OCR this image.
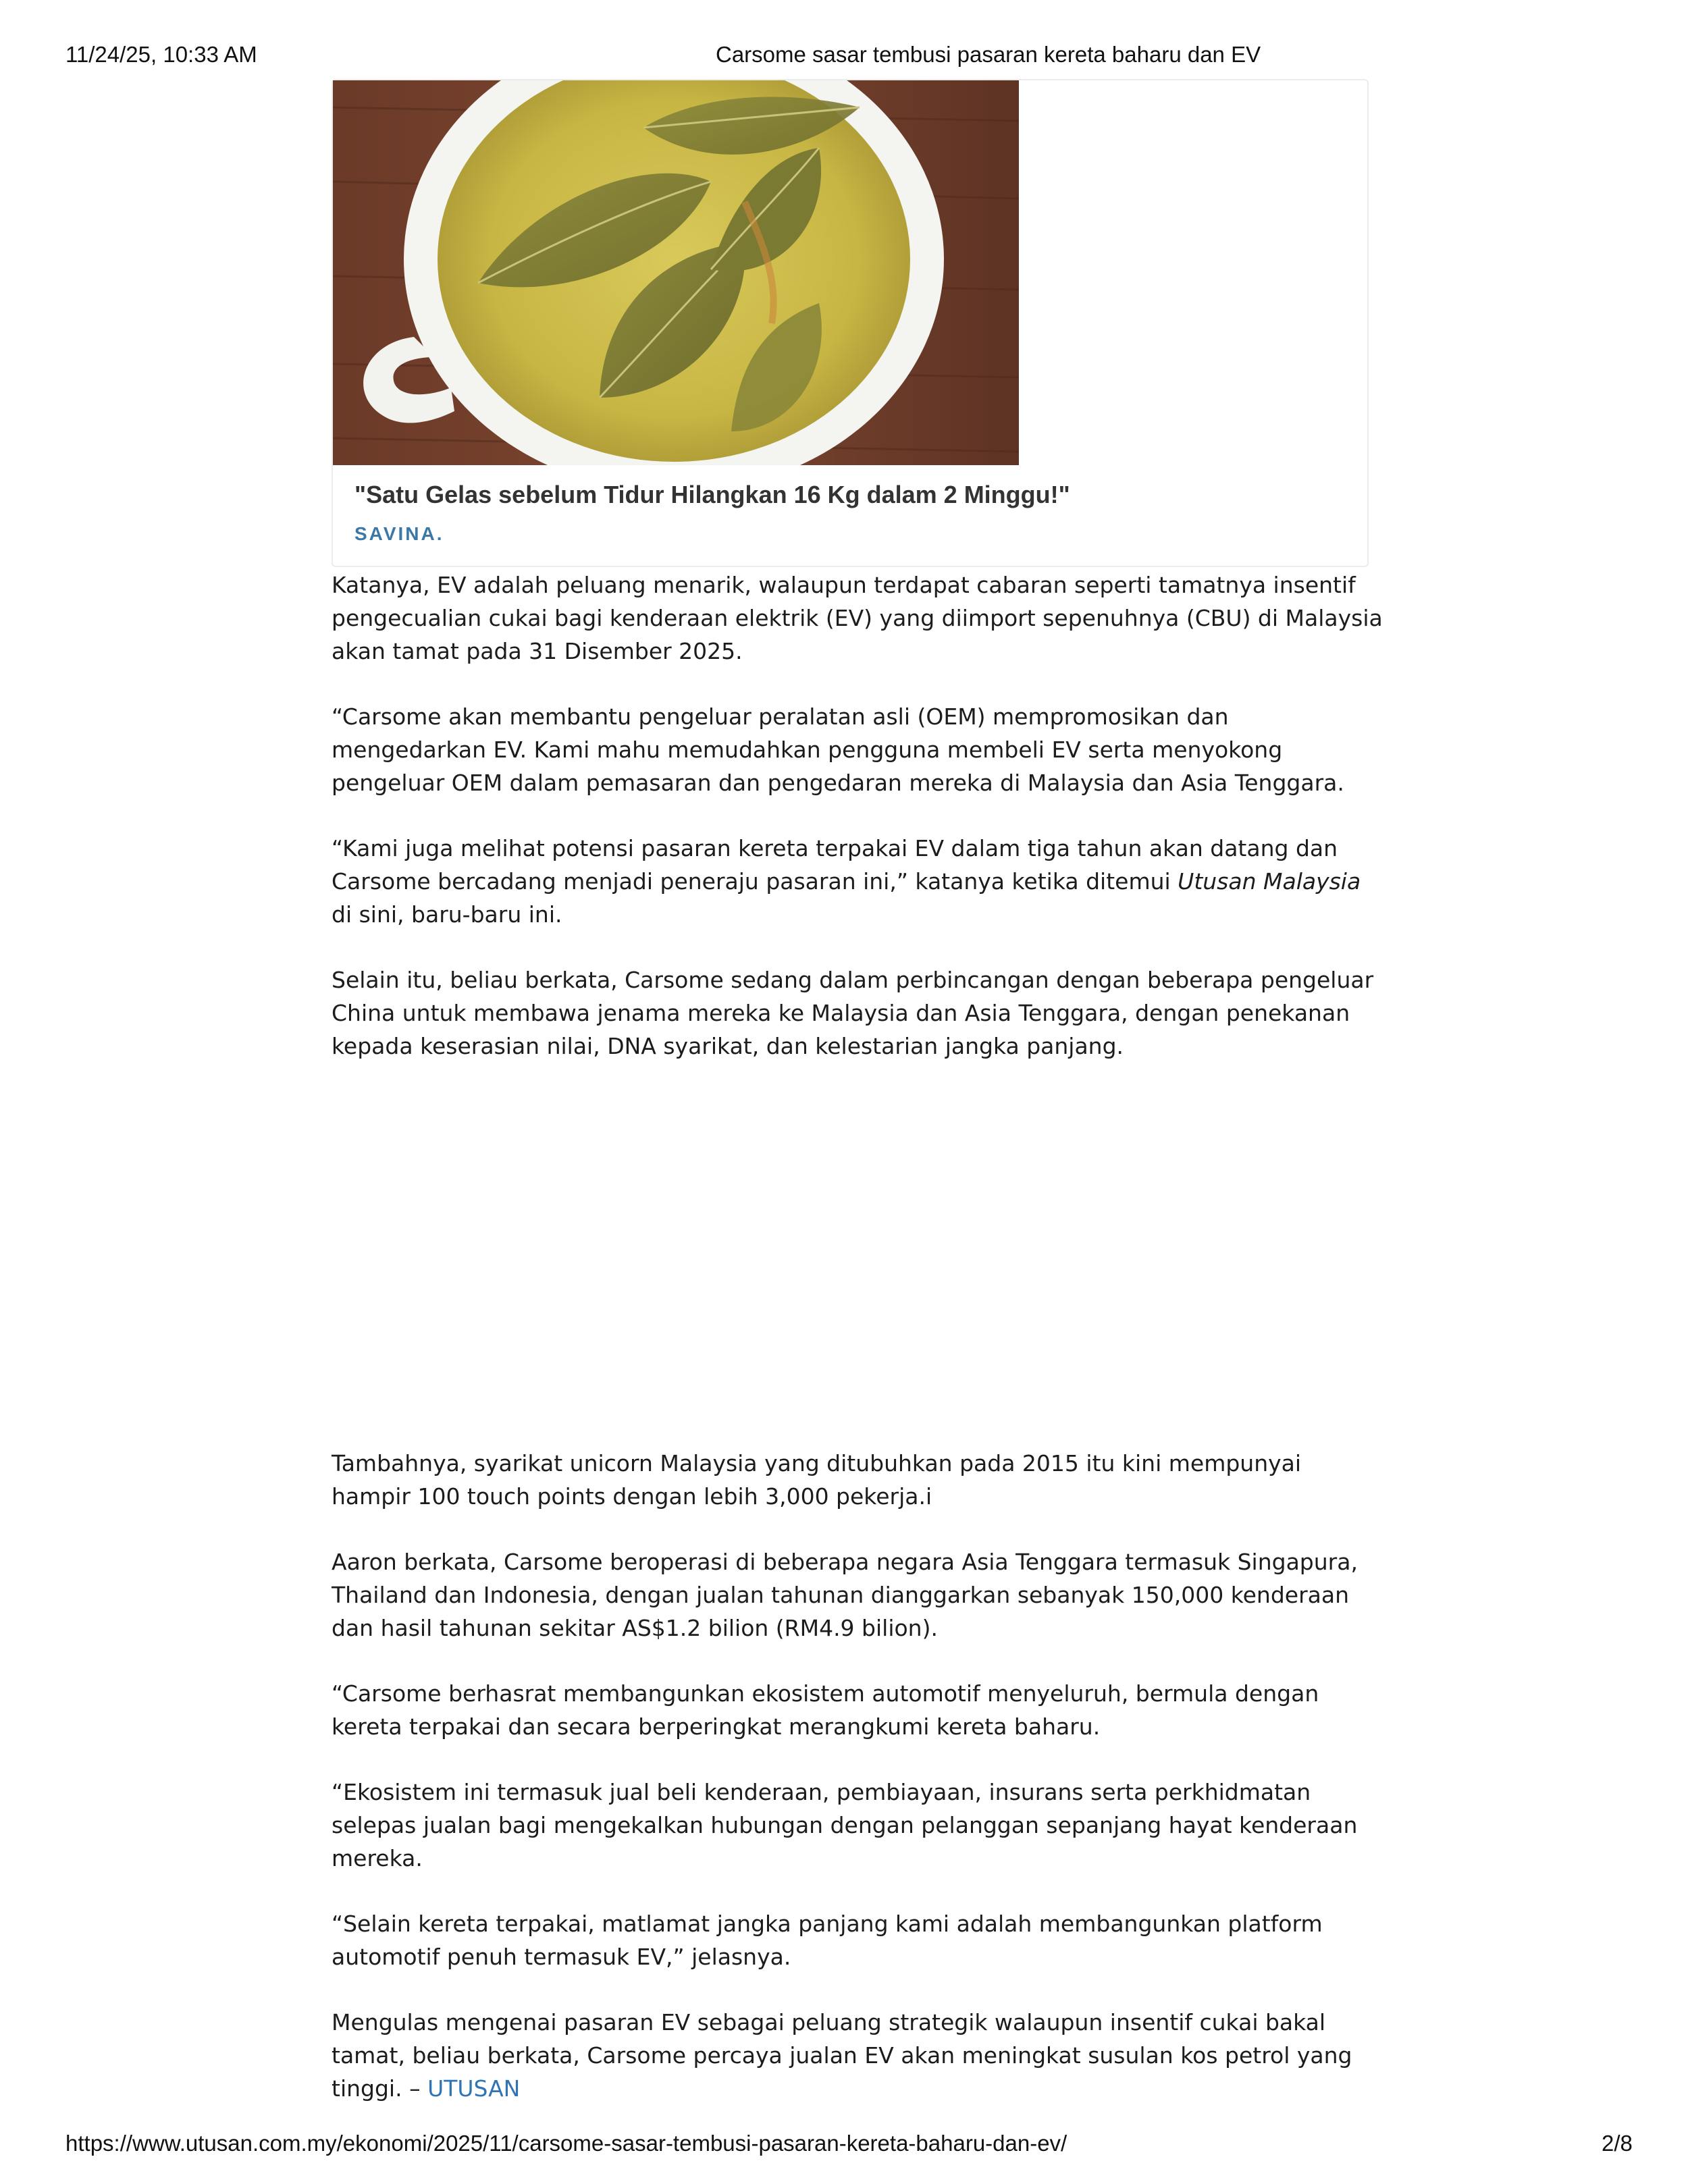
11/24/25, 10:33 AM	Carsome sasar tembusi pasaran kereta baharu dan EV
"Satu Gelas sebelum Tidur Hilangkan 16 Kg dalam 2 Minggu!"
SAVINA.

Katanya, EV adalah peluang menarik, walaupun terdapat cabaran seperti tamatnya insentif pengecualian cukai bagi kenderaan elektrik (EV) yang diimport sepenuhnya (CBU) di Malaysia akan tamat pada 31 Disember 2025.

“Carsome akan membantu pengeluar peralatan asli (OEM) mempromosikan dan mengedarkan EV. Kami mahu memudahkan pengguna membeli EV serta menyokong pengeluar OEM dalam pemasaran dan pengedaran mereka di Malaysia dan Asia Tenggara.

“Kami juga melihat potensi pasaran kereta terpakai EV dalam tiga tahun akan datang dan Carsome bercadang menjadi peneraju pasaran ini,” katanya ketika ditemui Utusan Malaysia di sini, baru-baru ini.

Selain itu, beliau berkata, Carsome sedang dalam perbincangan dengan beberapa pengeluar China untuk membawa jenama mereka ke Malaysia dan Asia Tenggara, dengan penekanan kepada keserasian nilai, DNA syarikat, dan kelestarian jangka panjang.

Tambahnya, syarikat unicorn Malaysia yang ditubuhkan pada 2015 itu kini mempunyai hampir 100 touch points dengan lebih 3,000 pekerja.i

Aaron berkata, Carsome beroperasi di beberapa negara Asia Tenggara termasuk Singapura, Thailand dan Indonesia, dengan jualan tahunan dianggarkan sebanyak 150,000 kenderaan dan hasil tahunan sekitar AS$1.2 bilion (RM4.9 bilion).

“Carsome berhasrat membangunkan ekosistem automotif menyeluruh, bermula dengan kereta terpakai dan secara berperingkat merangkumi kereta baharu.

“Ekosistem ini termasuk jual beli kenderaan, pembiayaan, insurans serta perkhidmatan selepas jualan bagi mengekalkan hubungan dengan pelanggan sepanjang hayat kenderaan mereka.

“Selain kereta terpakai, matlamat jangka panjang kami adalah membangunkan platform automotif penuh termasuk EV,” jelasnya.

Mengulas mengenai pasaran EV sebagai peluang strategik walaupun insentif cukai bakal tamat, beliau berkata, Carsome percaya jualan EV akan meningkat susulan kos petrol yang tinggi. – UTUSAN

https://www.utusan.com.my/ekonomi/2025/11/carsome-sasar-tembusi-pasaran-kereta-baharu-dan-ev/	2/8
